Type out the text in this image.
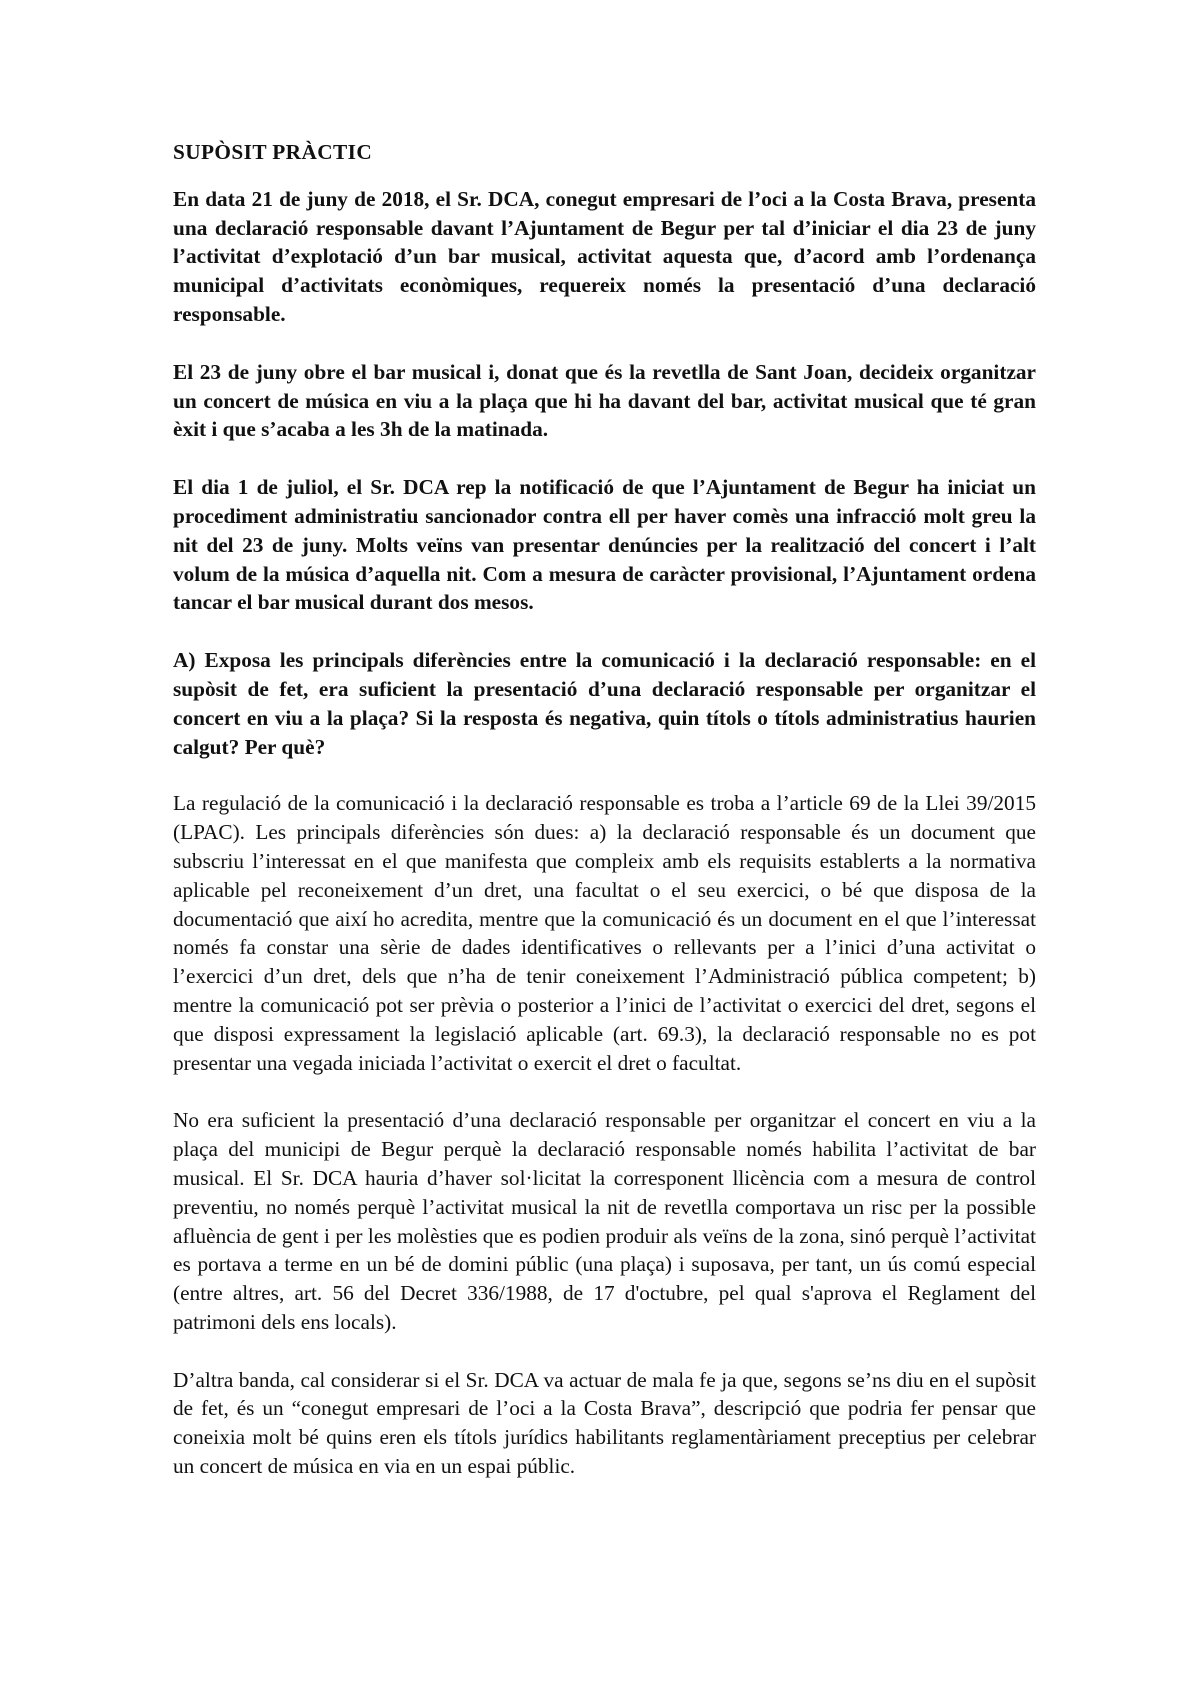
SUPÒSIT PRÀCTIC

En data 21 de juny de 2018, el Sr. DCA, conegut empresari de l’oci a la Costa Brava, presenta una declaració responsable davant l’Ajuntament de Begur per tal d’iniciar el dia 23 de juny l’activitat d’explotació d’un bar musical, activitat aquesta que, d’acord amb l’ordenança municipal d’activitats econòmiques, requereix només la presentació d’una declaració responsable.

El 23 de juny obre el bar musical i, donat que és la revetlla de Sant Joan, decideix organitzar un concert de música en viu a la plaça que hi ha davant del bar, activitat musical que té gran èxit i que s’acaba a les 3h de la matinada.

El dia 1 de juliol, el Sr. DCA rep la notificació de que l’Ajuntament de Begur ha iniciat un procediment administratiu sancionador contra ell per haver comès una infracció molt greu la nit del 23 de juny. Molts veïns van presentar denúncies per la realització del concert i l’alt volum de la música d’aquella nit. Com a mesura de caràcter provisional, l’Ajuntament ordena tancar el bar musical durant dos mesos.

A) Exposa les principals diferències entre la comunicació i la declaració responsable: en el supòsit de fet, era suficient la presentació d’una declaració responsable per organitzar el concert en viu a la plaça? Si la resposta és negativa, quin títols o títols administratius haurien calgut? Per què?

La regulació de la comunicació i la declaració responsable es troba a l’article 69 de la Llei 39/2015 (LPAC). Les principals diferències són dues: a) la declaració responsable és un document que subscriu l’interessat en el que manifesta que compleix amb els requisits establerts a la normativa aplicable pel reconeixement d’un dret, una facultat o el seu exercici, o bé que disposa de la documentació que així ho acredita, mentre que la comunicació és un document en el que l’interessat només fa constar una sèrie de dades identificatives o rellevants per a l’inici d’una activitat o l’exercici d’un dret, dels que n’ha de tenir coneixement l’Administració pública competent; b) mentre la comunicació pot ser prèvia o posterior a l’inici de l’activitat o exercici del dret, segons el que disposi expressament la legislació aplicable (art. 69.3), la declaració responsable no es pot presentar una vegada iniciada l’activitat o exercit el dret o facultat.

No era suficient la presentació d’una declaració responsable per organitzar el concert en viu a la plaça del municipi de Begur perquè la declaració responsable només habilita l’activitat de bar musical. El Sr. DCA hauria d’haver sol·licitat la corresponent llicència com a mesura de control preventiu, no només perquè l’activitat musical la nit de revetlla comportava un risc per la possible afluència de gent i per les molèsties que es podien produir als veïns de la zona, sinó perquè l’activitat es portava a terme en un bé de domini públic (una plaça) i suposava, per tant, un ús comú especial (entre altres, art. 56 del Decret 336/1988, de 17 d'octubre, pel qual s'aprova el Reglament del patrimoni dels ens locals).

D’altra banda, cal considerar si el Sr. DCA va actuar de mala fe ja que, segons se’ns diu en el supòsit de fet, és un “conegut empresari de l’oci a la Costa Brava”, descripció que podria fer pensar que coneixia molt bé quins eren els títols jurídics habilitants reglamentàriament preceptius per celebrar un concert de música en via en un espai públic.
